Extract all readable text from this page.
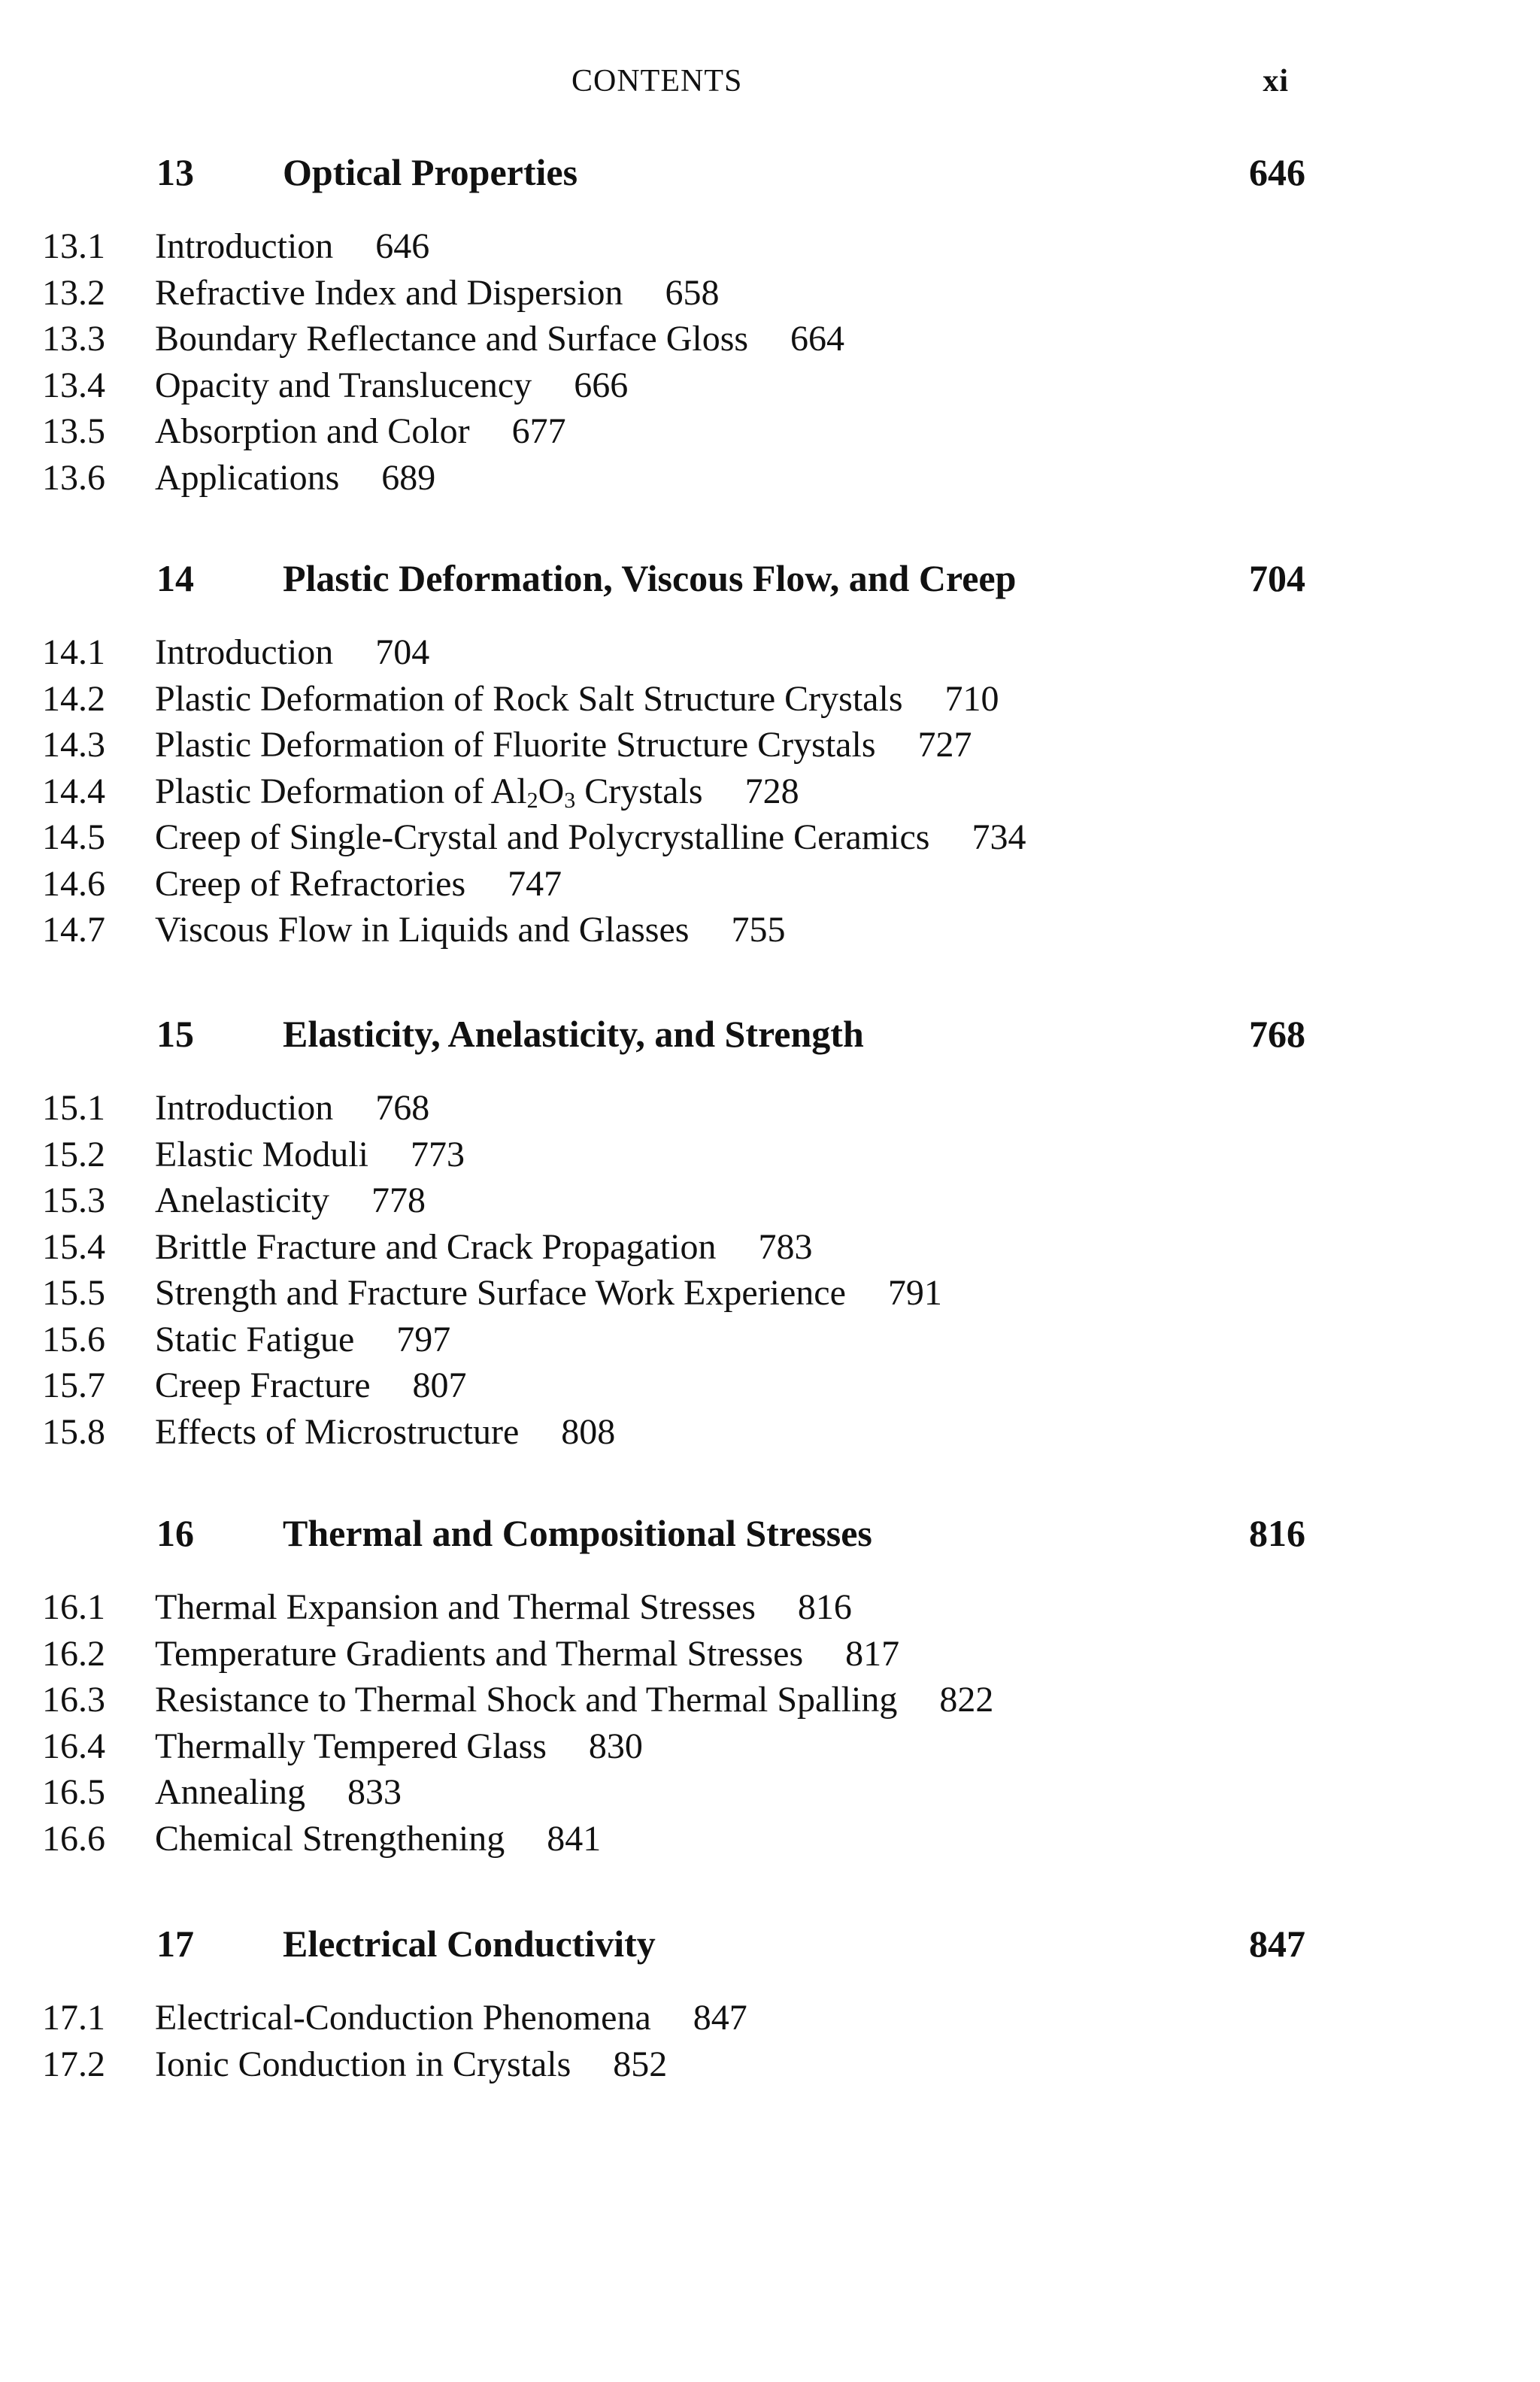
CONTENTS	xi
13 Optical Properties	646
13.1 Introduction 646
13.2 Refractive Index and Dispersion 658
13.3 Boundary Reflectance and Surface Gloss 664
13.4 Opacity and Translucency 666
13.5 Absorption and Color 677
13.6 Applications 689
14 Plastic Deformation, Viscous Flow, and Creep	704
14.1 Introduction 704
14.2 Plastic Deformation of Rock Salt Structure Crystals 710
14.3 Plastic Deformation of Fluorite Structure Crystals 727
14.4 Plastic Deformation of $Al_2O_3$ Crystals 728
14.5 Creep of Single-Crystal and Polycrystalline Ceramics 734
14.6 Creep of Refractories 747
14.7 Viscous Flow in Liquids and Glasses 755
15 Elasticity, Anelasticity, and Strength	768
15.1 Introduction 768
15.2 Elastic Moduli 773
15.3 Anelasticity 778
15.4 Brittle Fracture and Crack Propagation 783
15.5 Strength and Fracture Surface Work Experience 791
15.6 Static Fatigue 797
15.7 Creep Fracture 807
15.8 Effects of Microstructure 808
16 Thermal and Compositional Stresses	816
16.1 Thermal Expansion and Thermal Stresses 816
16.2 Temperature Gradients and Thermal Stresses 817
16.3 Resistance to Thermal Shock and Thermal Spalling 822
16.4 Thermally Tempered Glass 830
16.5 Annealing 833
16.6 Chemical Strengthening 841
17 Electrical Conductivity	847
17.1 Electrical-Conduction Phenomena 847
17.2 Ionic Conduction in Crystals 852
